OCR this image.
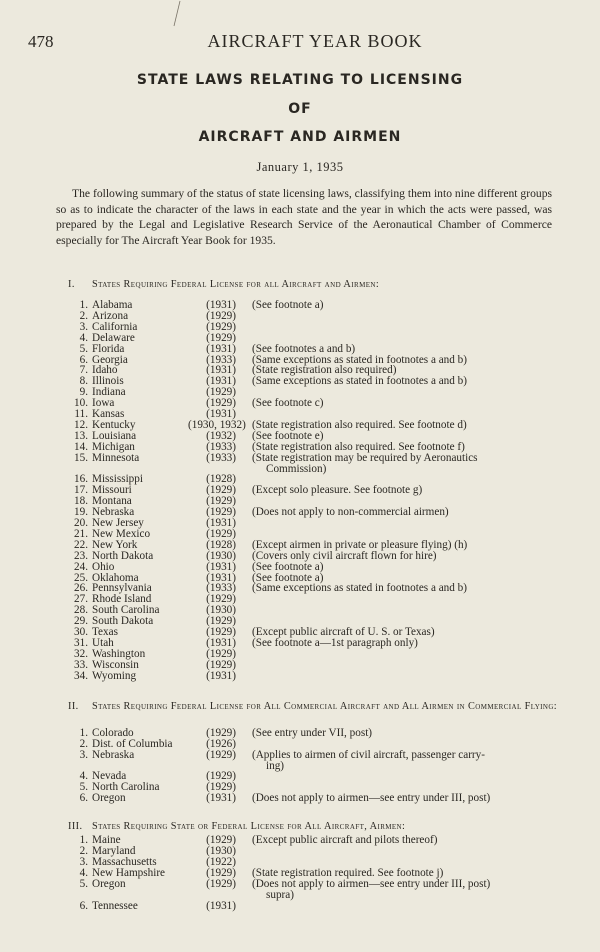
478	AIRCRAFT YEAR BOOK
STATE LAWS RELATING TO LICENSING
OF
AIRCRAFT AND AIRMEN
January 1, 1935

The following summary of the status of state licensing laws, classifying them into nine different groups so as to indicate the character of the laws in each state and the year in which the acts were passed, was prepared by the Legal and Legislative Research Service of the Aeronautical Chamber of Commerce especially for The Aircraft Year Book for 1935.

I. States Requiring Federal License for all Aircraft and Airmen:
1. Alabama	(1931) (See footnote a)
2. Arizona	(1929)
3. California	(1929)
4. Delaware	(1929)
5. Florida	(1931) (See footnotes a and b)
6. Georgia	(1933) (Same exceptions as stated in footnotes a and b)
7. Idaho	(1931) (State registration also required)
8. Illinois	(1931) (Same exceptions as stated in footnotes a and b)
9. Indiana	(1929)
10. Iowa	(1929) (See footnote c)
11. Kansas	(1931)
12. Kentucky	(1930, 1932) (State registration also required. See footnote d)
13. Louisiana	(1932) (See footnote e)
14. Michigan	(1933) (State registration also required. See footnote f)
15. Minnesota	(1933) (State registration may be required by Aeronautics
Commission)
16. Mississippi	(1928)
17. Missouri	(1929) (Except solo pleasure. See footnote g)
18. Montana	(1929)
19. Nebraska	(1929) (Does not apply to non-commercial airmen)
20. New Jersey	(1931)
21. New Mexico	(1929)
22. New York	(1928) (Except airmen in private or pleasure flying) (h)
23. North Dakota	(1930) (Covers only civil aircraft flown for hire)
24. Ohio	(1931) (See footnote a)
25. Oklahoma	(1931) (See footnote a)
26. Pennsylvania	(1933) (Same exceptions as stated in footnotes a and b)
27. Rhode Island	(1929)
28. South Carolina	(1930)
29. South Dakota	(1929)
30. Texas	(1929) (Except public aircraft of U. S. or Texas)
31. Utah	(1931) (See footnote a—1st paragraph only)
32. Washington	(1929)
33. Wisconsin	(1929)
34. Wyoming	(1931)
II. States Requiring Federal License for All Commercial Aircraft and All Airmen in Commercial Flying:
1. Colorado	(1929) (See entry under VII, post)
2. Dist. of Columbia	(1926)
3. Nebraska	(1929) (Applies to airmen of civil aircraft, passenger carry-
ing)
4. Nevada	(1929)
5. North Carolina	(1929)
6. Oregon	(1931) (Does not apply to airmen—see entry under III, post)
III. States Requiring State or Federal License for All Aircraft, Airmen:
1. Maine	(1929) (Except public aircraft and pilots thereof)
2. Maryland	(1930)
3. Massachusetts	(1922)
4. New Hampshire	(1929) (State registration required. See footnote j)
5. Oregon	(1929) (Does not apply to airmen—see entry under III, post)
supra)
6. Tennessee	(1931)
